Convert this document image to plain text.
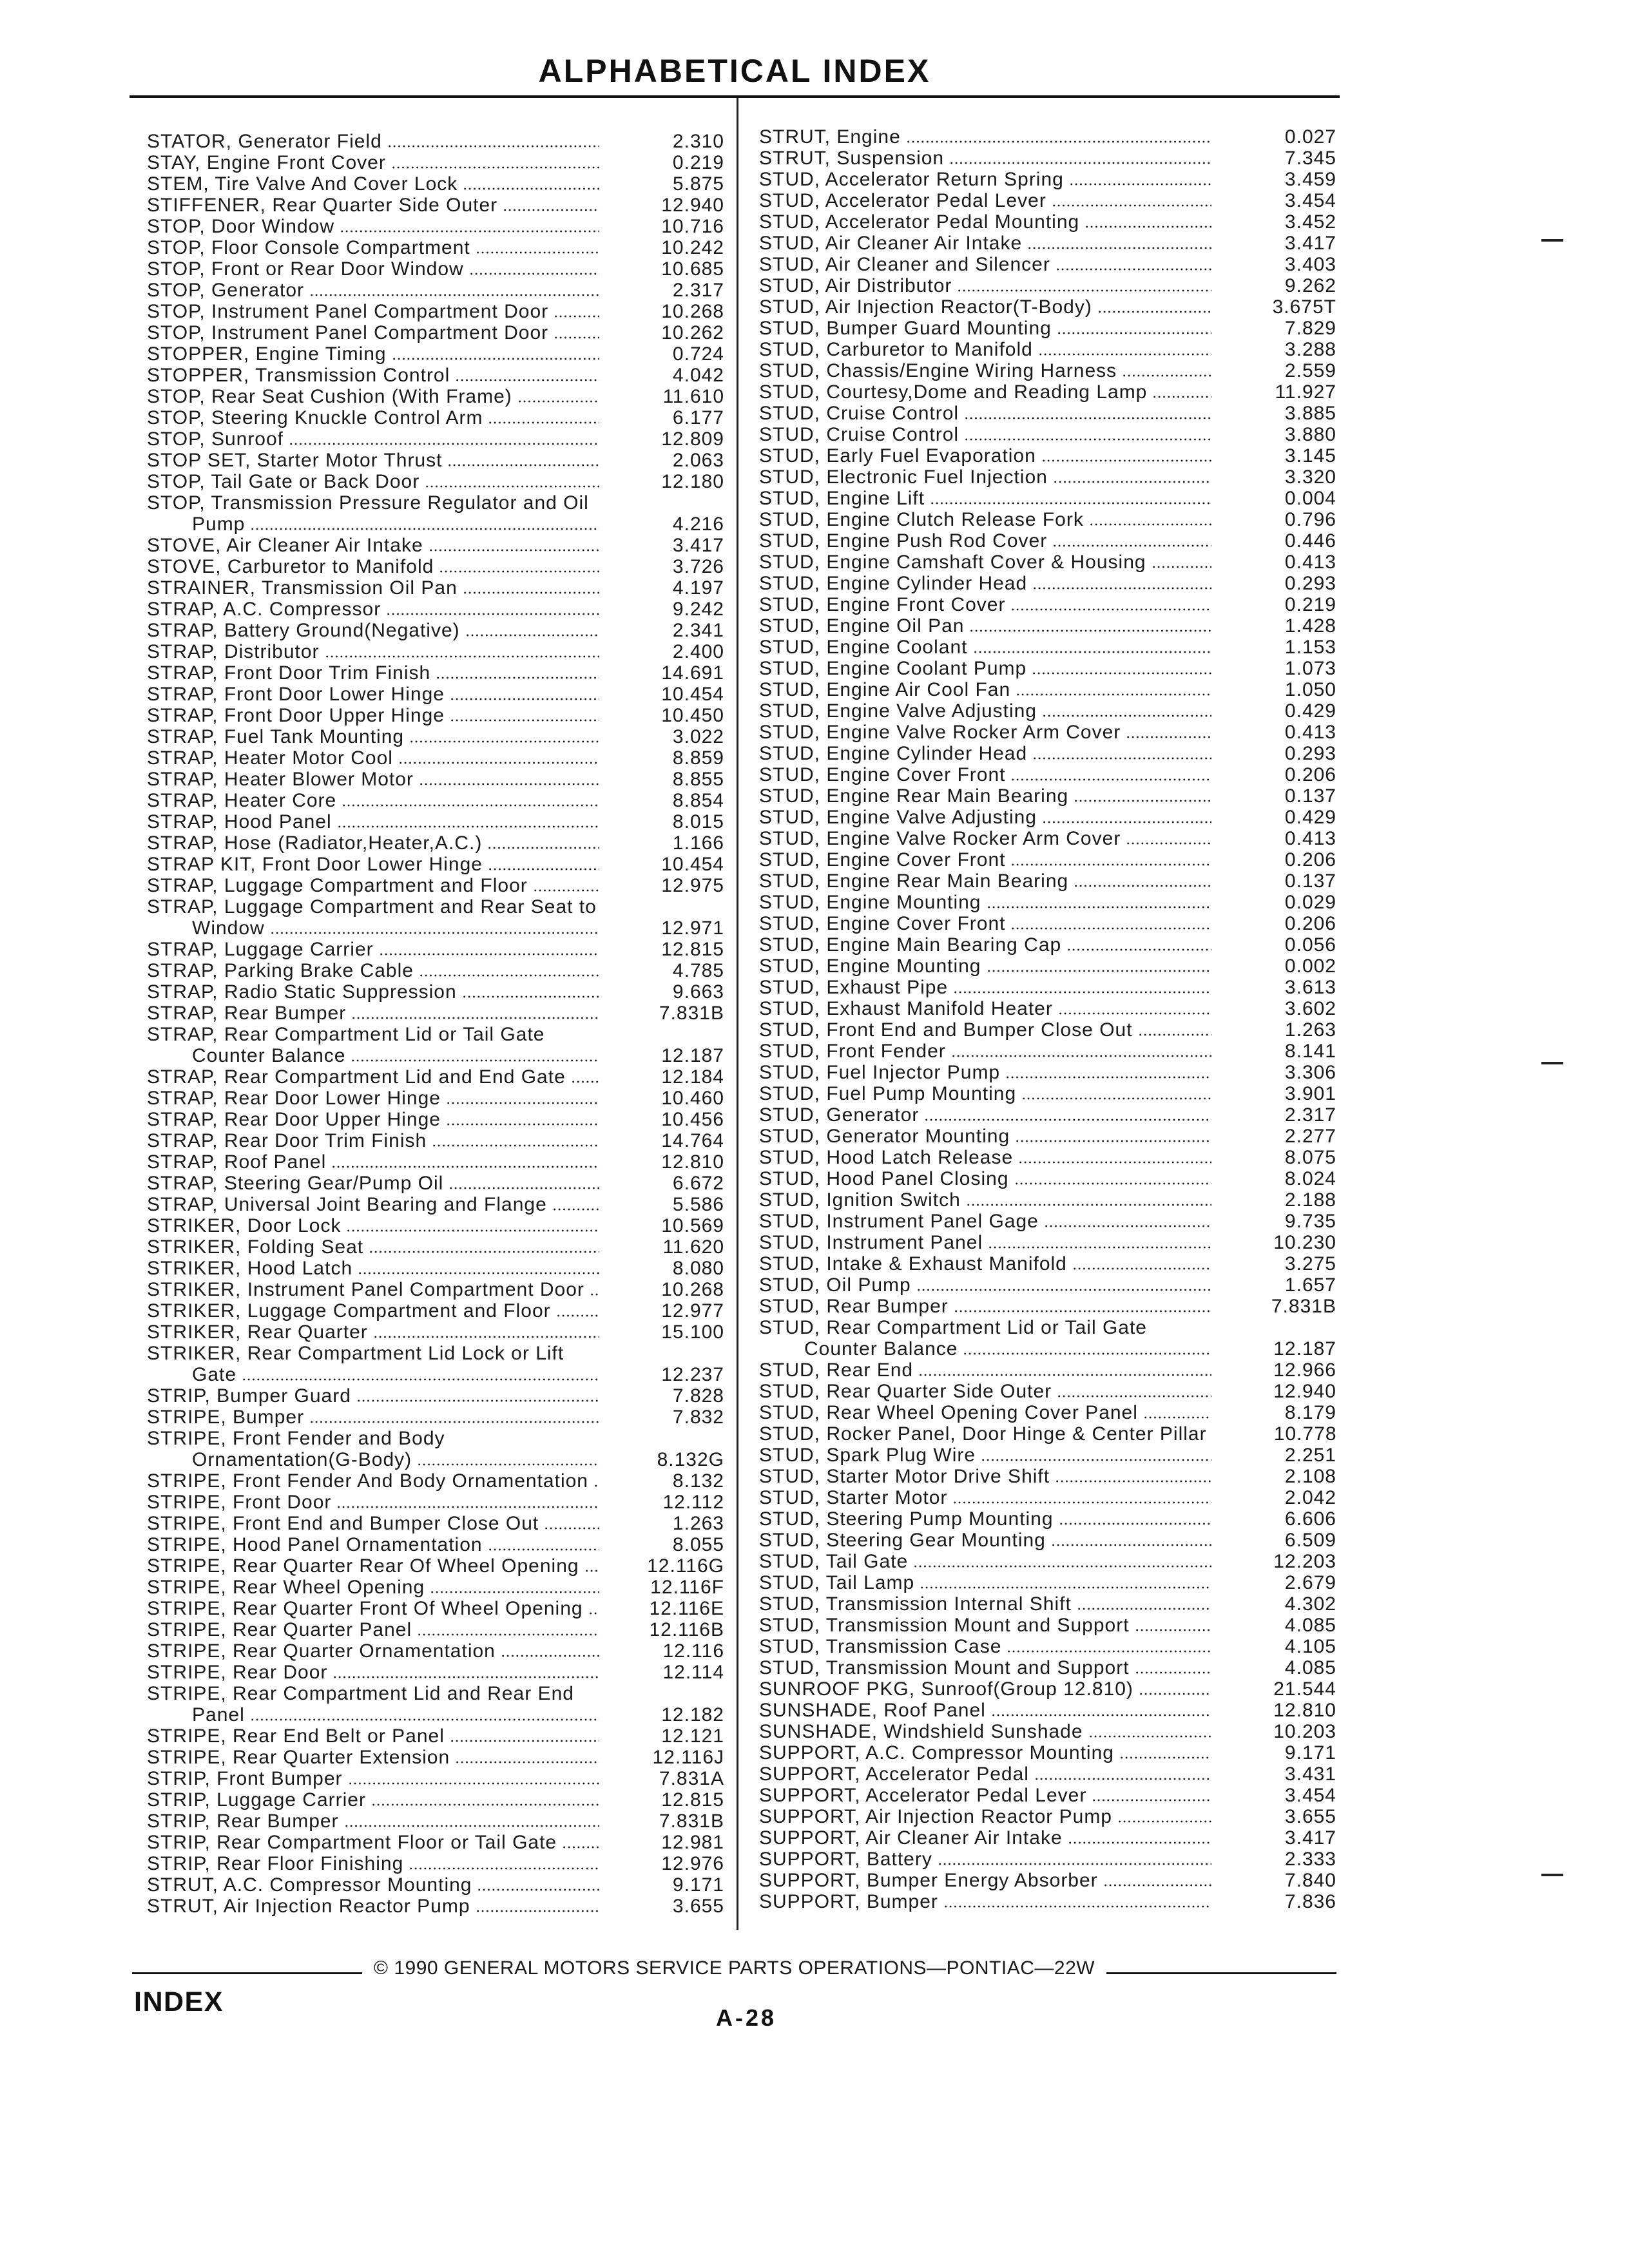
ALPHABETICAL INDEX
STATOR, Generator Field	2.310
STAY, Engine Front Cover	0.219
STEM, Tire Valve And Cover Lock	5.875
STIFFENER, Rear Quarter Side Outer	12.940
STOP, Door Window	10.716
STOP, Floor Console Compartment	10.242
STOP, Front or Rear Door Window	10.685
STOP, Generator	2.317
STOP, Instrument Panel Compartment Door	10.268
STOP, Instrument Panel Compartment Door	10.262
STOPPER, Engine Timing	0.724
STOPPER, Transmission Control	4.042
STOP, Rear Seat Cushion (With Frame)	11.610
STOP, Steering Knuckle Control Arm	6.177
STOP, Sunroof	12.809
STOP SET, Starter Motor Thrust	2.063
STOP, Tail Gate or Back Door	12.180
STOP, Transmission Pressure Regulator and Oil
Pump	4.216
STOVE, Air Cleaner Air Intake	3.417
STOVE, Carburetor to Manifold	3.726
STRAINER, Transmission Oil Pan	4.197
STRAP, A.C. Compressor	9.242
STRAP, Battery Ground(Negative)	2.341
STRAP, Distributor	2.400
STRAP, Front Door Trim Finish	14.691
STRAP, Front Door Lower Hinge	10.454
STRAP, Front Door Upper Hinge	10.450
STRAP, Fuel Tank Mounting	3.022
STRAP, Heater Motor Cool	8.859
STRAP, Heater Blower Motor	8.855
STRAP, Heater Core	8.854
STRAP, Hood Panel	8.015
STRAP, Hose (Radiator,Heater,A.C.)	1.166
STRAP KIT, Front Door Lower Hinge	10.454
STRAP, Luggage Compartment and Floor	12.975
STRAP, Luggage Compartment and Rear Seat to
Window	12.971
STRAP, Luggage Carrier	12.815
STRAP, Parking Brake Cable	4.785
STRAP, Radio Static Suppression	9.663
STRAP, Rear Bumper	7.831B
STRAP, Rear Compartment Lid or Tail Gate
Counter Balance	12.187
STRAP, Rear Compartment Lid and End Gate	12.184
STRAP, Rear Door Lower Hinge	10.460
STRAP, Rear Door Upper Hinge	10.456
STRAP, Rear Door Trim Finish	14.764
STRAP, Roof Panel	12.810
STRAP, Steering Gear/Pump Oil	6.672
STRAP, Universal Joint Bearing and Flange	5.586
STRIKER, Door Lock	10.569
STRIKER, Folding Seat	11.620
STRIKER, Hood Latch	8.080
STRIKER, Instrument Panel Compartment Door	10.268
STRIKER, Luggage Compartment and Floor	12.977
STRIKER, Rear Quarter	15.100
STRIKER, Rear Compartment Lid Lock or Lift
Gate	12.237
STRIP, Bumper Guard	7.828
STRIPE, Bumper	7.832
STRIPE, Front Fender and Body
Ornamentation(G-Body)	8.132G
STRIPE, Front Fender And Body Ornamentation	8.132
STRIPE, Front Door	12.112
STRIPE, Front End and Bumper Close Out	1.263
STRIPE, Hood Panel Ornamentation	8.055
STRIPE, Rear Quarter Rear Of Wheel Opening	12.116G
STRIPE, Rear Wheel Opening	12.116F
STRIPE, Rear Quarter Front Of Wheel Opening	12.116E
STRIPE, Rear Quarter Panel	12.116B
STRIPE, Rear Quarter Ornamentation	12.116
STRIPE, Rear Door	12.114
STRIPE, Rear Compartment Lid and Rear End
Panel	12.182
STRIPE, Rear End Belt or Panel	12.121
STRIPE, Rear Quarter Extension	12.116J
STRIP, Front Bumper	7.831A
STRIP, Luggage Carrier	12.815
STRIP, Rear Bumper	7.831B
STRIP, Rear Compartment Floor or Tail Gate	12.981
STRIP, Rear Floor Finishing	12.976
STRUT, A.C. Compressor Mounting	9.171
STRUT, Air Injection Reactor Pump	3.655
STRUT, Engine	0.027
STRUT, Suspension	7.345
STUD, Accelerator Return Spring	3.459
STUD, Accelerator Pedal Lever	3.454
STUD, Accelerator Pedal Mounting	3.452
STUD, Air Cleaner Air Intake	3.417
STUD, Air Cleaner and Silencer	3.403
STUD, Air Distributor	9.262
STUD, Air Injection Reactor(T-Body)	3.675T
STUD, Bumper Guard Mounting	7.829
STUD, Carburetor to Manifold	3.288
STUD, Chassis/Engine Wiring Harness	2.559
STUD, Courtesy,Dome and Reading Lamp	11.927
STUD, Cruise Control	3.885
STUD, Cruise Control	3.880
STUD, Early Fuel Evaporation	3.145
STUD, Electronic Fuel Injection	3.320
STUD, Engine Lift	0.004
STUD, Engine Clutch Release Fork	0.796
STUD, Engine Push Rod Cover	0.446
STUD, Engine Camshaft Cover & Housing	0.413
STUD, Engine Cylinder Head	0.293
STUD, Engine Front Cover	0.219
STUD, Engine Oil Pan	1.428
STUD, Engine Coolant	1.153
STUD, Engine Coolant Pump	1.073
STUD, Engine Air Cool Fan	1.050
STUD, Engine Valve Adjusting	0.429
STUD, Engine Valve Rocker Arm Cover	0.413
STUD, Engine Cylinder Head	0.293
STUD, Engine Cover Front	0.206
STUD, Engine Rear Main Bearing	0.137
STUD, Engine Valve Adjusting	0.429
STUD, Engine Valve Rocker Arm Cover	0.413
STUD, Engine Cover Front	0.206
STUD, Engine Rear Main Bearing	0.137
STUD, Engine Mounting	0.029
STUD, Engine Cover Front	0.206
STUD, Engine Main Bearing Cap	0.056
STUD, Engine Mounting	0.002
STUD, Exhaust Pipe	3.613
STUD, Exhaust Manifold Heater	3.602
STUD, Front End and Bumper Close Out	1.263
STUD, Front Fender	8.141
STUD, Fuel Injector Pump	3.306
STUD, Fuel Pump Mounting	3.901
STUD, Generator	2.317
STUD, Generator Mounting	2.277
STUD, Hood Latch Release	8.075
STUD, Hood Panel Closing	8.024
STUD, Ignition Switch	2.188
STUD, Instrument Panel Gage	9.735
STUD, Instrument Panel	10.230
STUD, Intake & Exhaust Manifold	3.275
STUD, Oil Pump	1.657
STUD, Rear Bumper	7.831B
STUD, Rear Compartment Lid or Tail Gate
Counter Balance	12.187
STUD, Rear End	12.966
STUD, Rear Quarter Side Outer	12.940
STUD, Rear Wheel Opening Cover Panel	8.179
STUD, Rocker Panel, Door Hinge & Center Pillar	10.778
STUD, Spark Plug Wire	2.251
STUD, Starter Motor Drive Shift	2.108
STUD, Starter Motor	2.042
STUD, Steering Pump Mounting	6.606
STUD, Steering Gear Mounting	6.509
STUD, Tail Gate	12.203
STUD, Tail Lamp	2.679
STUD, Transmission Internal Shift	4.302
STUD, Transmission Mount and Support	4.085
STUD, Transmission Case	4.105
STUD, Transmission Mount and Support	4.085
SUNROOF PKG, Sunroof(Group 12.810)	21.544
SUNSHADE, Roof Panel	12.810
SUNSHADE, Windshield Sunshade	10.203
SUPPORT, A.C. Compressor Mounting	9.171
SUPPORT, Accelerator Pedal	3.431
SUPPORT, Accelerator Pedal Lever	3.454
SUPPORT, Air Injection Reactor Pump	3.655
SUPPORT, Air Cleaner Air Intake	3.417
SUPPORT, Battery	2.333
SUPPORT, Bumper Energy Absorber	7.840
SUPPORT, Bumper	7.836
© 1990 GENERAL MOTORS SERVICE PARTS OPERATIONS—PONTIAC—22W
INDEX
A-28
